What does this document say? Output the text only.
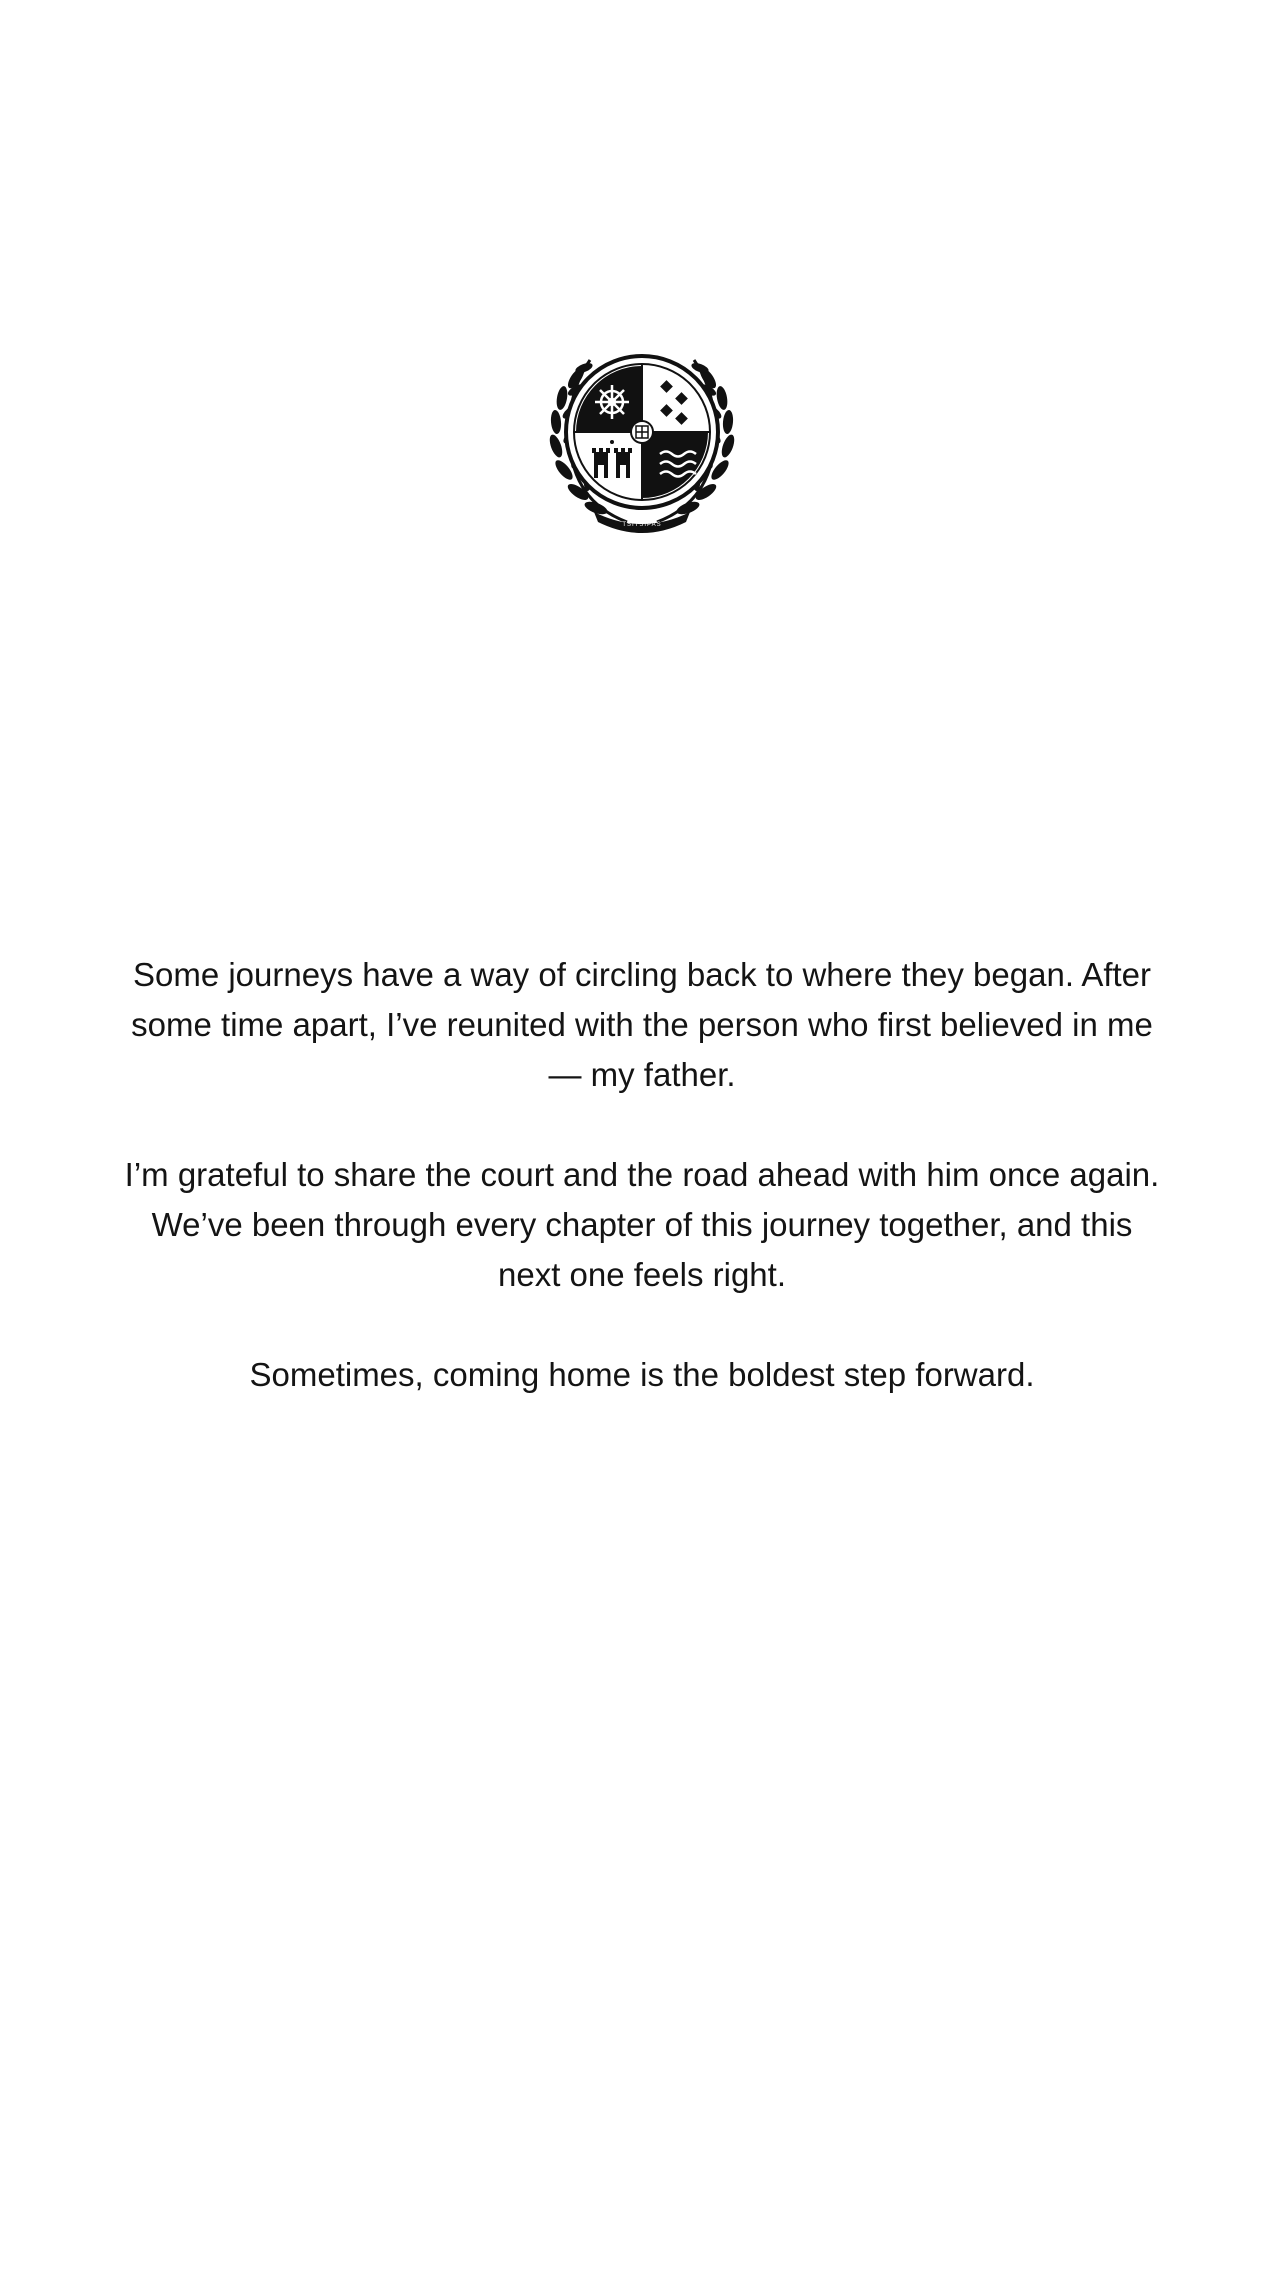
TSITSIPAS

Some journeys have a way of circling back to where they began. After some time apart, I’ve reunited with the person who first believed in me — my father.

I’m grateful to share the court and the road ahead with him once again. We’ve been through every chapter of this journey together, and this next one feels right.

Sometimes, coming home is the boldest step forward.
